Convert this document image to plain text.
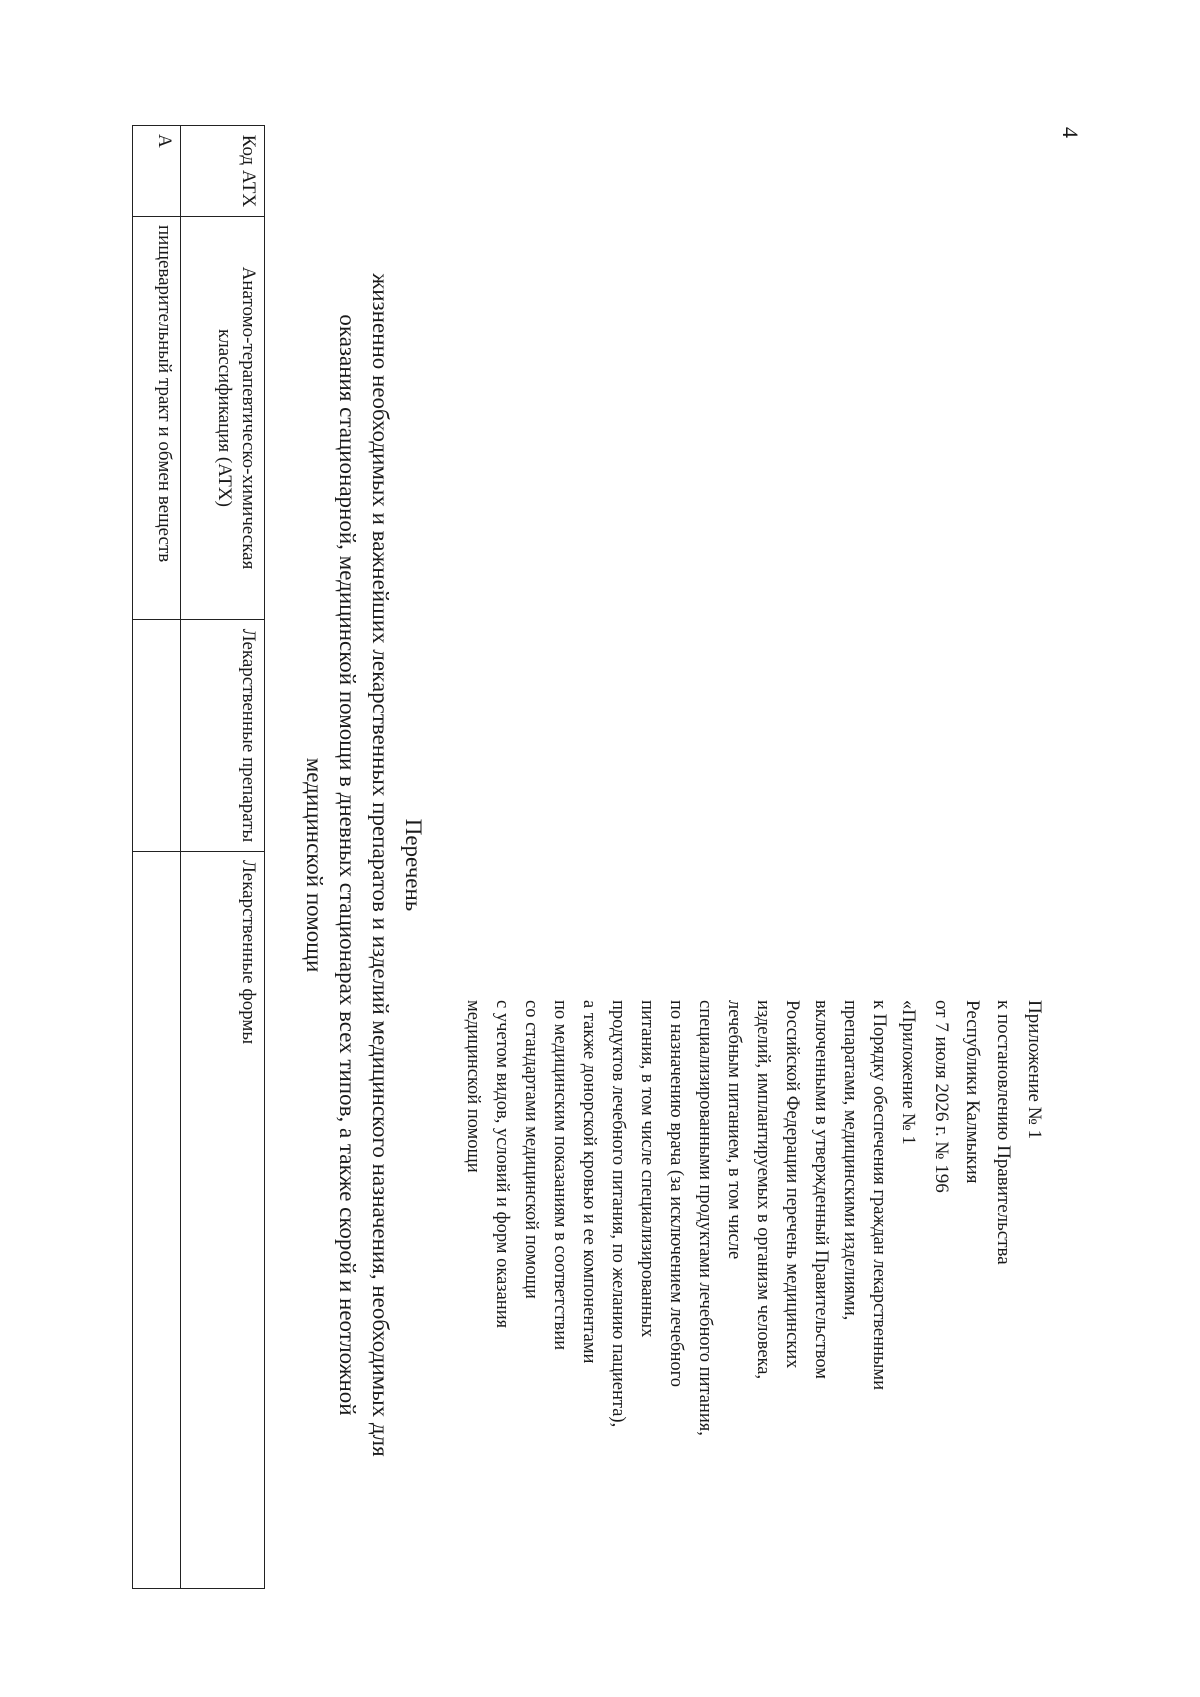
4
Приложение № 1
к постановлению Правительства
Республики Калмыкия
от 7 июля 2026 г. № 196
«Приложение № 1
к Порядку обеспечения граждан лекарственными
препаратами, медицинскими изделиями,
включенными в утвержденный Правительством
Российской Федерации перечень медицинских
изделий, имплантируемых в организм человека,
лечебным питанием, в том числе
специализированными продуктами лечебного питания,
по назначению врача (за исключением лечебного
питания, в том числе специализированных
продуктов лечебного питания, по желанию пациента),
а также донорской кровью и ее компонентами
по медицинским показаниям в соответствии
со стандартами медицинской помощи
с учетом видов, условий и форм оказания
медицинской помощи
Перечень
жизненно необходимых и важнейших лекарственных препаратов и изделий медицинского назначения, необходимых для
оказания стационарной, медицинской помощи в дневных стационарах всех типов, а также скорой и неотложной
медицинской помощи
Код АТХ	Анатомо-терапевтическо-химическая классификация (АТХ)	Лекарственные препараты	Лекарственные формы
А	пищеварительный тракт и обмен веществ		
